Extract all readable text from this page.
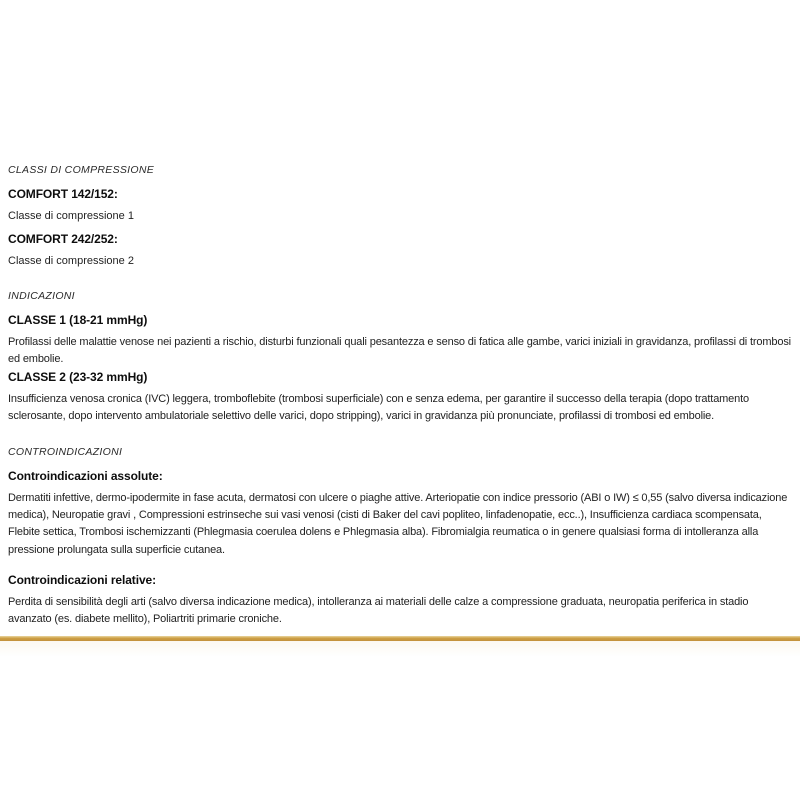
CLASSI DI COMPRESSIONE

COMFORT 142/152:

Classe di compressione 1

COMFORT 242/252:

Classe di compressione 2

INDICAZIONI

CLASSE 1 (18-21 mmHg)

Profilassi delle malattie venose nei pazienti a rischio, disturbi funzionali quali pesantezza e senso di fatica alle gambe, varici iniziali in gravidanza, profilassi di trombosi ed embolie.

CLASSE 2 (23-32 mmHg)

Insufficienza venosa cronica (IVC) leggera, tromboflebite (trombosi superficiale) con e senza edema, per garantire il successo della terapia (dopo trattamento sclerosante, dopo intervento ambulatoriale selettivo delle varici, dopo stripping), varici in gravidanza più pronunciate, profilassi di trombosi ed embolie.

CONTROINDICAZIONI

Controindicazioni assolute:

Dermatiti infettive, dermo-ipodermite in fase acuta, dermatosi con ulcere o piaghe attive. Arteriopatie con indice pressorio (ABI o IW) ≤ 0,55 (salvo diversa indicazione medica), Neuropatie gravi , Compressioni estrinseche sui vasi venosi (cisti di Baker del cavi popliteo, linfadenopatie, ecc..), Insufficienza cardiaca scompensata, Flebite settica, Trombosi ischemizzanti (Phlegmasia coerulea dolens e Phlegmasia alba). Fibromialgia reumatica o in genere qualsiasi forma di intolleranza alla pressione prolungata sulla superficie cutanea.

Controindicazioni relative:

Perdita di sensibilità degli arti (salvo diversa indicazione medica), intolleranza ai materiali delle calze a compressione graduata, neuropatia periferica in stadio avanzato (es. diabete mellito), Poliartriti primarie croniche.
